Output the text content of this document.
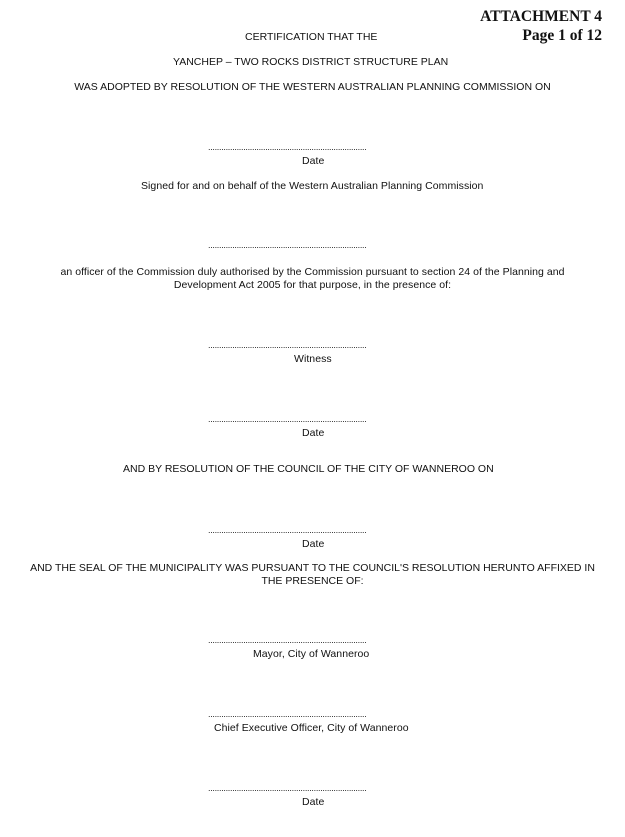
ATTACHMENT 4
Page 1 of 12
CERTIFICATION THAT THE
YANCHEP – TWO ROCKS DISTRICT STRUCTURE PLAN
WAS ADOPTED BY RESOLUTION OF THE WESTERN AUSTRALIAN PLANNING COMMISSION ON
........................................................................
Date
Signed for and on behalf of the Western Australian Planning Commission
........................................................................
an officer of the Commission duly authorised by the Commission pursuant to section 24 of the Planning and Development Act 2005 for that purpose, in the presence of:
........................................................................
Witness
........................................................................
Date
AND BY RESOLUTION OF THE COUNCIL OF THE CITY OF WANNEROO ON
........................................................................
Date
AND THE SEAL OF THE MUNICIPALITY WAS PURSUANT TO THE COUNCIL'S RESOLUTION HERUNTO AFFIXED IN THE PRESENCE OF:
........................................................................
Mayor, City of Wanneroo
........................................................................
Chief Executive Officer, City of Wanneroo
........................................................................
Date
